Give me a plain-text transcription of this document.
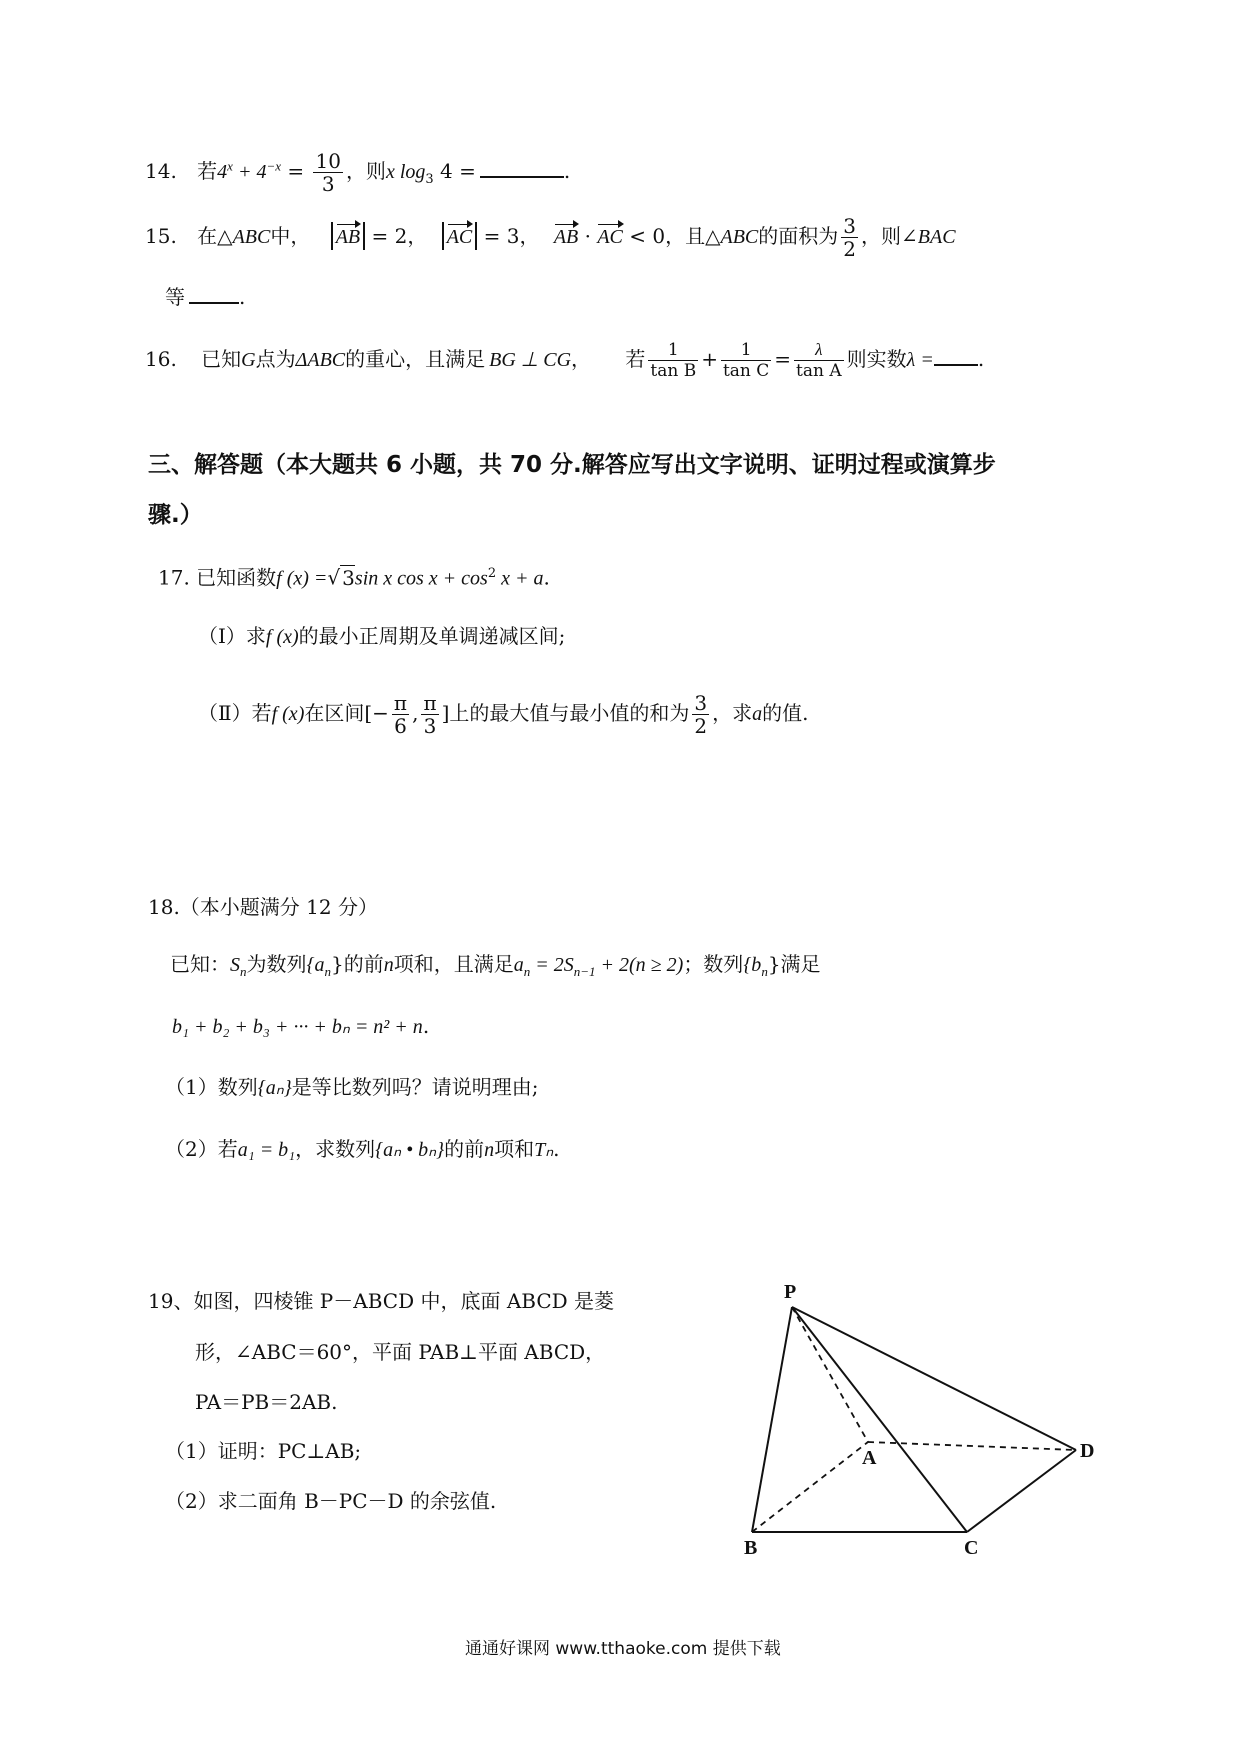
14. 若$4^x + 4^{-x} = \frac{10}{3}$ ，则x $\log_3 4$ =	.
15. 在△ABC中， AB = 2， AC = 3， AB · AC < 0，且△ABC的面积为 $\frac{3}{2}$ ，则∠BAC
等	.
16. 已知G点为ΔABC的重心，且满足 BG ⊥ CG， 若 $\frac{1}{\text{tan B}} + \frac{1}{\text{tan C}} = \frac{\lambda}{\text{tan A}}$ 则实数λ = .
三、解答题（本大题共 6 小题，共 70 分.解答应写出文字说明、证明过程或演算步
骤.）
17. 已知函数f (x) =√ 3sin x $\cos x + \cos^2 x + a$.
（Ⅰ）求f (x)的最小正周期及单调递减区间;
（Ⅱ）若f (x)在区间[− $\frac{\pi}{6}$ , $\frac{\pi}{3}$ ]上的最大值与最小值的和为 $\frac{3}{2}$ ，求a的值.
18.（本小题满分 12 分）
已知：$S_n$为数列$\{a_n\}$的前n项和，且满足$a_n = 2S_{n-1} + 2(n \ge 2)$；数列$\{b_n\}$满足
b₁ + b₂ + b₃ + ··· + bₙ = n² + n.
（1）数列{aₙ}是等比数列吗？请说明理由;
（2）若a₁ = b₁，求数列{aₙ • bₙ}的前n项和Tₙ.
19、如图，四棱锥 P－ABCD 中，底面 ABCD 是菱
形，∠ABC＝60°，平面 PAB⊥平面 ABCD，
PA＝PB＝2AB.
（1）证明：PC⊥AB;
（2）求二面角 B－PC－D 的余弦值.
P
A
B	C
D
通通好课网 www.tthaoke.com 提供下载
